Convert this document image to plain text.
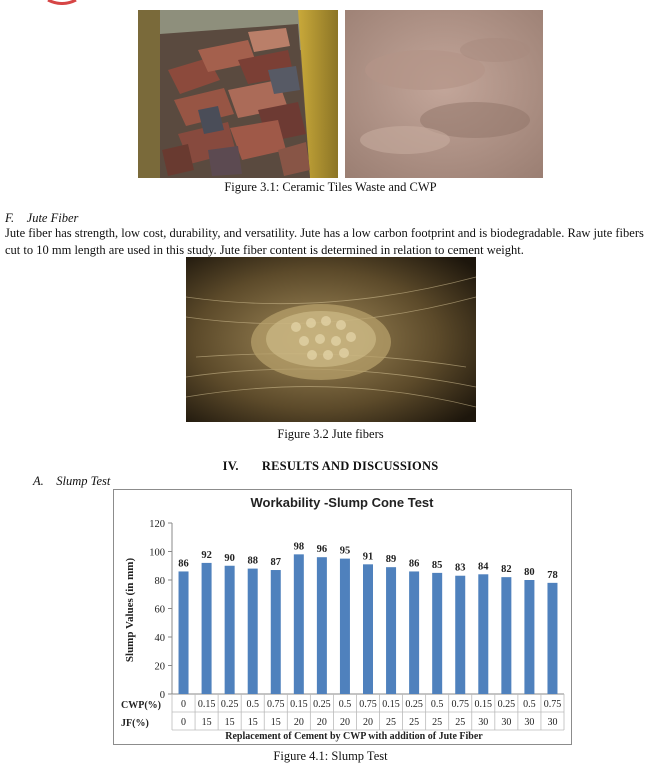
Figure 3.1: Ceramic Tiles Waste and CWP
F.    Jute Fiber
Jute fiber has strength, low cost, durability, and versatility. Jute has a low carbon footprint and is biodegradable. Raw jute fibers cut to 10 mm length are used in this study. Jute fiber content is determined in relation to cement weight.
Figure 3.2 Jute fibers
IV.       RESULTS AND DISCUSSIONS
A.    Slump Test
Workability -Slump Cone Test
Slump Values (in mm)
CWP(%)
JF(%)
Replacement of Cement by CWP with addition of Jute Fiber
0
20
40
60
80
100
120
86
0
0
92
0.15
15
90
0.25
15
88
0.5
15
87
0.75
15
98
0.15
20
96
0.25
20
95
0.5
20
91
0.75
20
89
0.15
25
86
0.25
25
85
0.5
25
83
0.75
25
84
0.15
30
82
0.25
30
80
0.5
30
78
0.75
30
Figure 4.1: Slump Test
